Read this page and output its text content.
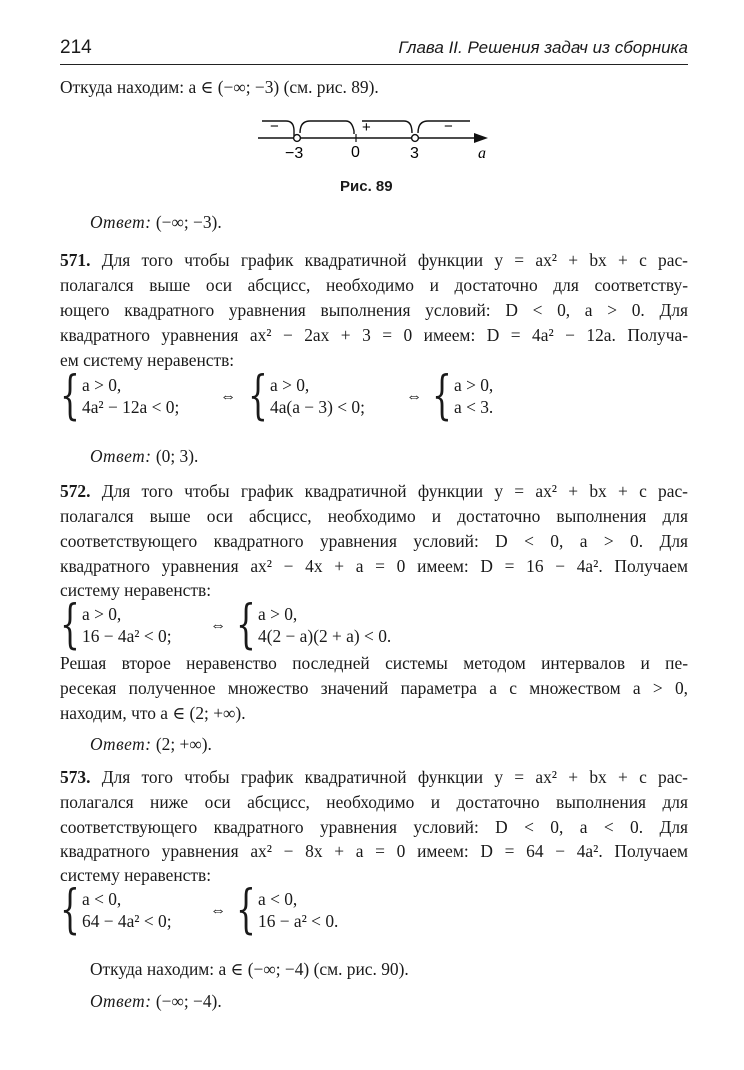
214	Глава II. Решения задач из сборника
Откуда находим: a ∈ (−∞; −3) (см. рис. 89).
−	+	−
−3	0	3	a
Рис. 89
Ответ: (−∞; −3).
571. Для того чтобы график квадратичной функции y = ax² + bx + c рас-
полагался выше оси абсцисс, необходимо и достаточно для соответству-
ющего квадратного уравнения выполнения условий: D < 0, a > 0. Для
квадратного уравнения ax² − 2ax + 3 = 0 имеем: D = 4a² − 12a. Получа-
ем систему неравенств:
{ a > 0,
4a² − 12a < 0;
⇔ { a > 0,
4a(a − 3) < 0;
⇔ { a > 0,
a < 3.
Ответ: (0; 3).
572. Для того чтобы график квадратичной функции y = ax² + bx + c рас-
полагался выше оси абсцисс, необходимо и достаточно выполнения для
соответствующего квадратного уравнения условий: D < 0, a > 0. Для
квадратного уравнения ax² − 4x + a = 0 имеем: D = 16 − 4a². Получаем
систему неравенств:
{ a > 0,
16 − 4a² < 0;
⇔ { a > 0,
4(2 − a)(2 + a) < 0.
Решая второе неравенство последней системы методом интервалов и пе-
ресекая полученное множество значений параметра a с множеством a > 0,
находим, что a ∈ (2; +∞).
Ответ: (2; +∞).
573. Для того чтобы график квадратичной функции y = ax² + bx + c рас-
полагался ниже оси абсцисс, необходимо и достаточно выполнения для
соответствующего квадратного уравнения условий: D < 0, a < 0. Для
квадратного уравнения ax² − 8x + a = 0 имеем: D = 64 − 4a². Получаем
систему неравенств:
{ a < 0,
64 − 4a² < 0;
⇔ { a < 0,
16 − a² < 0.
Откуда находим: a ∈ (−∞; −4) (см. рис. 90).
Ответ: (−∞; −4).
